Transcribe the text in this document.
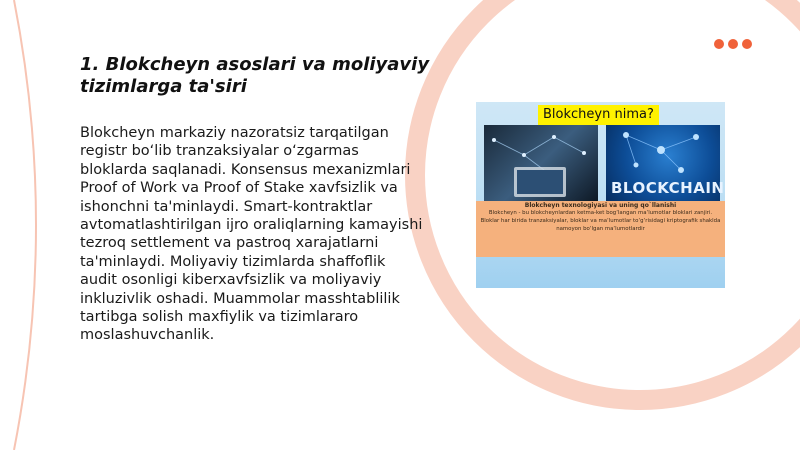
1. Blokcheyn asoslari va moliyaviy tizimlarga ta'siri

Blokcheyn markaziy nazoratsiz tarqatilgan registr bo‘lib tranzaksiyalar o‘zgarmas bloklarda saqlanadi. Konsensus mexanizmlari Proof of Work va Proof of Stake xavfsizlik va ishonchni ta'minlaydi. Smart-kontraktlar avtomatlashtirilgan ijro oraliqlarning kamayishi tezroq settlement va pastroq xarajatlarni ta'minlaydi. Moliyaviy tizimlarda shaffoflik audit osonligi kiberxavfsizlik va moliyaviy inkluzivlik oshadi. Muammolar masshtablilik tartibga solish maxfiylik va tizimlararo moslashuvchanlik.

Blokcheyn nima?
BLOCKCHAIN
Blokcheyn texnologiyasi va uning qo`llanishi
Blokcheyn - bu blokcheynlardan ketma-ket bog‘langan ma‘lumotlar bloklari zanjiri. Bloklar har birida tranzaksiyalar, bloklar va ma‘lumotlar to‘g‘risidagi kriptografik shaklda namoyon bo‘lgan ma‘lumotlardir
